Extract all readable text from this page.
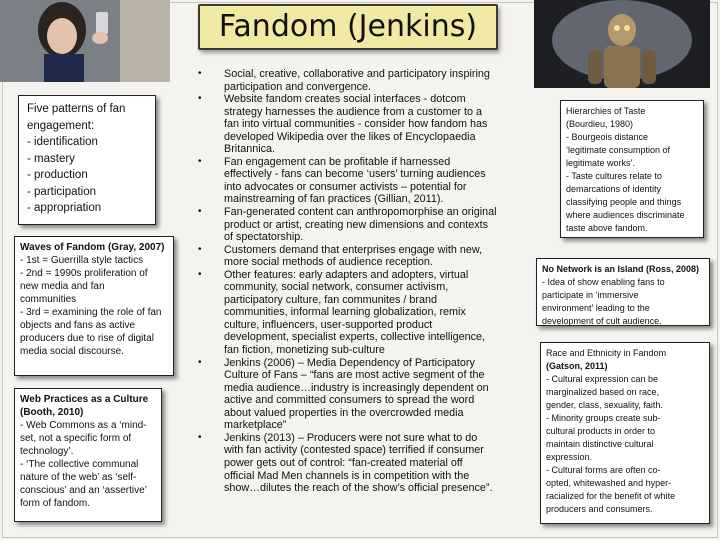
Fandom (Jenkins)
Five patterns of fan
engagement:
- identification
- mastery
- production
- participation
- appropriation
Waves of Fandom (Gray, 2007)
- 1st = Guerrilla style tactics
- 2nd = 1990s proliferation of
new media and fan
communities
- 3rd = examining the role of fan
objects and fans as active
producers due to rise of digital
media social discourse.
Web Practices as a Culture
(Booth, 2010)
- Web Commons as a ‘mind-
set, not a specific form of
technology’.
- ‘The collective communal
nature of the web’ as ‘self-
conscious’ and an ‘assertive’
form of fandom.
• Social, creative, collaborative and participatory inspiring
participation and convergence.
• Website fandom creates social interfaces - dotcom
strategy harnesses the audience from a customer to a
fan into virtual communities - consider how fandom has
developed Wikipedia over the likes of Encyclopaedia
Britannica.
• Fan engagement can be profitable if harnessed
effectively - fans can become ‘users’ turning audiences
into advocates or consumer activists – potential for
mainstreaming of fan practices (Gillian, 2011).
• Fan-generated content can anthropomorphise an original
product or artist, creating new dimensions and contexts
of spectatorship.
• Customers demand that enterprises engage with new,
more social methods of audience reception.
• Other features: early adapters and adopters, virtual
community, social network, consumer activism,
participatory culture, fan communites / brand
communities, informal learning globalization, remix
culture, influencers, user-supported product
development, specialist experts, collective intelligence,
fan fiction, monetizing sub-culture
• Jenkins (2006) – Media Dependency of Participatory
Culture of Fans – “fans are most active segment of the
media audience…industry is increasingly dependent on
active and committed consumers to spread the word
about valued properties in the overcrowded media
marketplace”
• Jenkins (2013) – Producers were not sure what to do
with fan activity (contested space) terrified if consumer
power gets out of control: “fan-created material off
official Mad Men channels is in competition with the
show…dilutes the reach of the show’s official presence”.
Hierarchies of Taste
(Bourdieu, 1980)
- Bourgeois distance
‘legitimate consumption of
legitimate works’.
- Taste cultures relate to
demarcations of identity
classifying people and things
where audiences discriminate
taste above fandom.
No Network is an Island (Ross, 2008)
- Idea of show enabling fans to
participate in ‘immersive
environment’ leading to the
development of cult audience.
Race and Ethnicity in Fandom
(Gatson, 2011)
- Cultural expression can be
marginalized based on race,
gender, class, sexuality, faith.
- Minority groups create sub-
cultural products in order to
maintain distinctive cultural
expression.
- Cultural forms are often co-
opted, whitewashed and hyper-
racialized for the benefit of white
producers and consumers.
